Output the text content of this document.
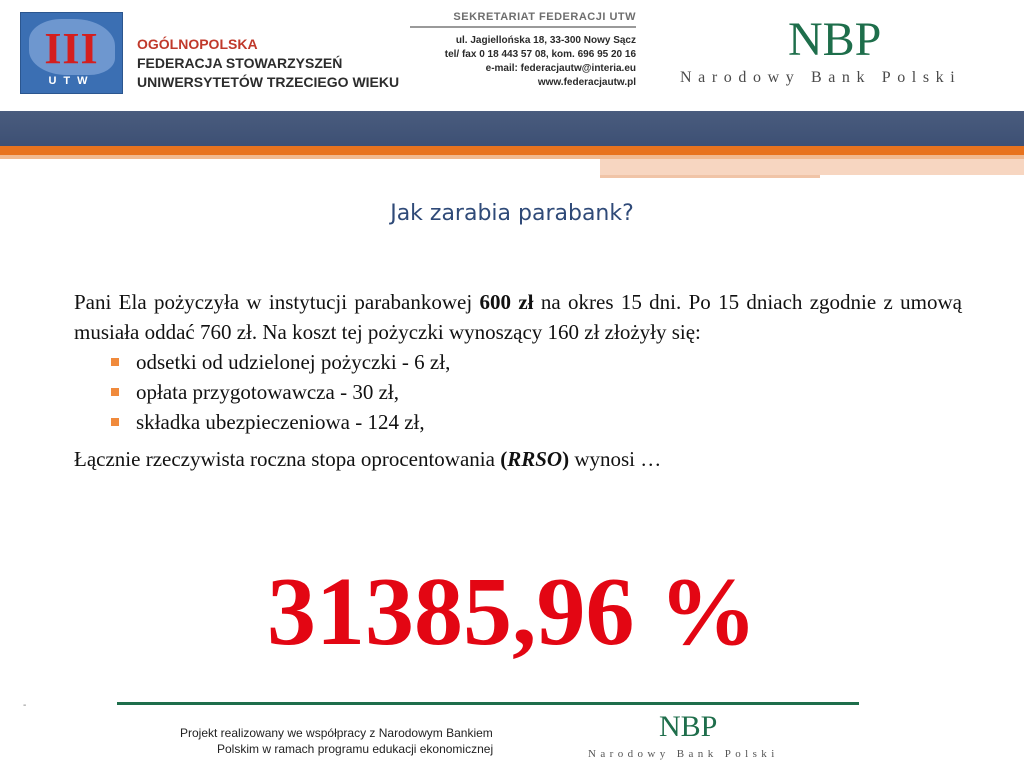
III
UTW
OGÓLNOPOLSKA
FEDERACJA STOWARZYSZEŃ
UNIWERSYTETÓW TRZECIEGO WIEKU
SEKRETARIAT FEDERACJI UTW
ul. Jagiellońska 18, 33-300 Nowy Sącz
tel/ fax 0 18 443 57 08, kom. 696 95 20 16
e-mail: federacjautw@interia.eu
www.federacjautw.pl
NBP
Narodowy Bank Polski
Jak zarabia parabank?

Pani Ela pożyczyła w instytucji parabankowej 600 zł na okres 15 dni. Po 15 dniach zgodnie z umową musiała oddać 760 zł. Na koszt tej pożyczki wynoszący 160 zł złożyły się:

odsetki od udzielonej pożyczki - 6 zł,
opłata przygotowawcza - 30 zł,
składka ubezpieczeniowa - 124 zł,

Łącznie rzeczywista roczna stopa oprocentowania (RRSO) wynosi …

31385,96 %
-
Projekt realizowany we współpracy z Narodowym Bankiem
Polskim w ramach programu edukacji ekonomicznej
NBP
Narodowy Bank Polski
